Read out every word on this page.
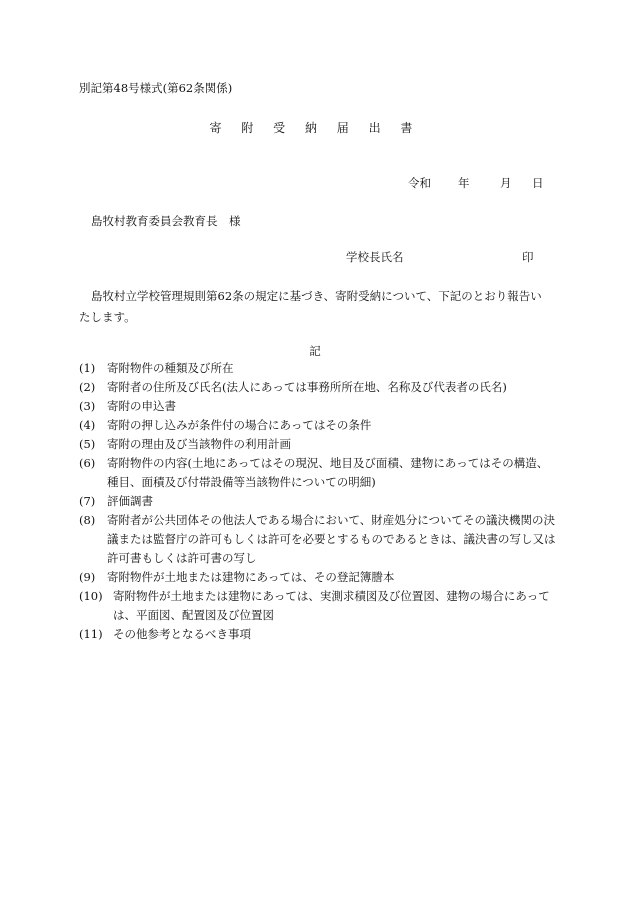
別記第48号様式(第62条関係)
寄 附 受 納 届 出 書
令和 年	月 日
島牧村教育委員会教育長　様
学校長氏名	印
島牧村立学校管理規則第62条の規定に基づき、寄附受納について、下記のとおり報告いたします。
記
(1) 寄附物件の種類及び所在
(2) 寄附者の住所及び氏名(法人にあっては事務所所在地、名称及び代表者の氏名)
(3) 寄附の申込書
(4) 寄附の押し込みが条件付の場合にあってはその条件
(5) 寄附の理由及び当該物件の利用計画
(6) 寄附物件の内容(土地にあってはその現況、地目及び面積、建物にあってはその構造、種目、面積及び付帯設備等当該物件についての明細)
(7) 評価調書
(8) 寄附者が公共団体その他法人である場合において、財産処分についてその議決機関の決議または監督庁の許可もしくは許可を必要とするものであるときは、議決書の写し又は許可書もしくは許可書の写し
(9) 寄附物件が土地または建物にあっては、その登記簿謄本
(10) 寄附物件が土地または建物にあっては、実測求積図及び位置図、建物の場合にあっては、平面図、配置図及び位置図
(11) その他参考となるべき事項
